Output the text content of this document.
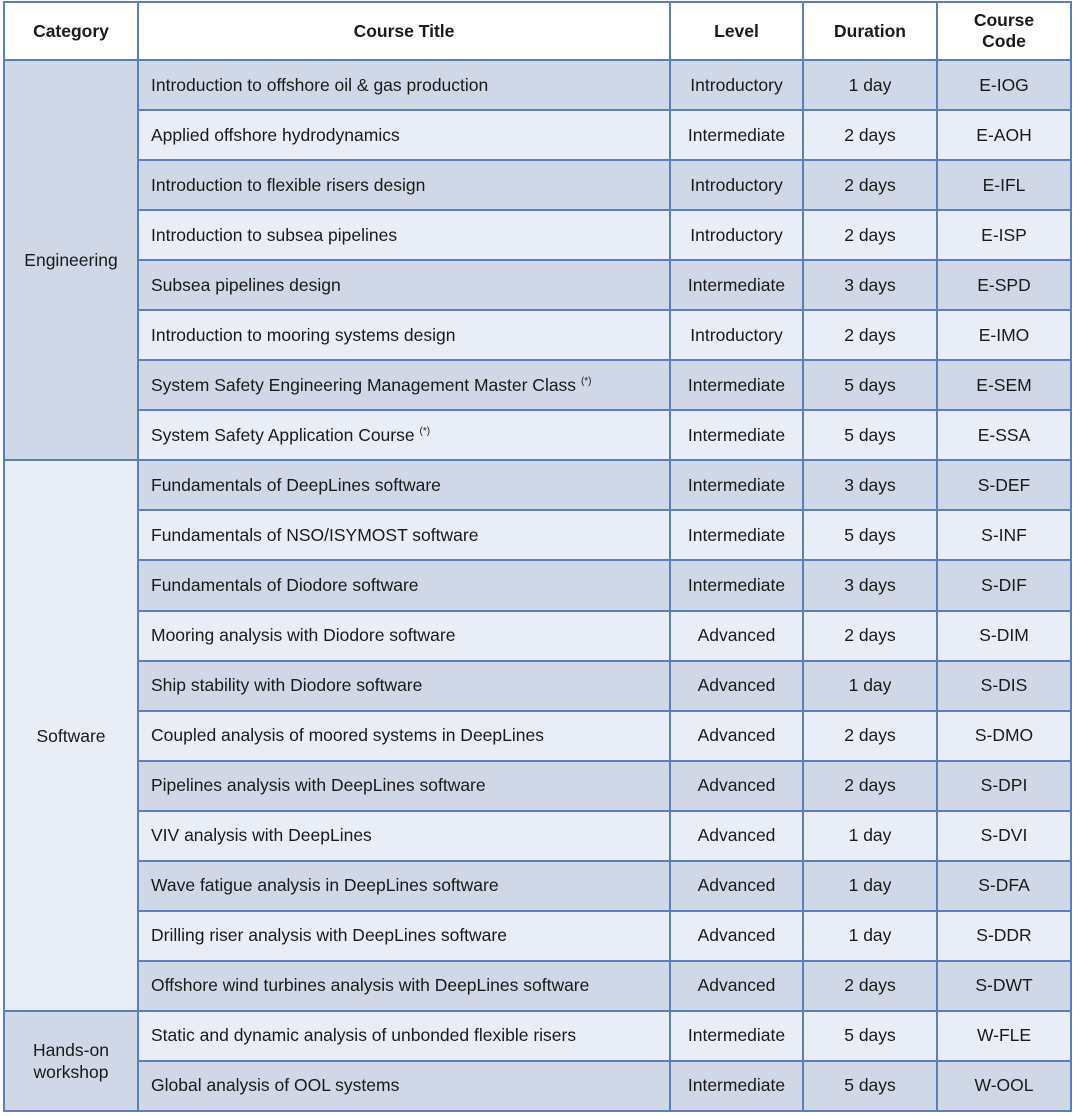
Category	Course Title	Level	Duration	Course Code
Engineering	Introduction to offshore oil & gas production	Introductory	1 day	E-IOG
	Applied offshore hydrodynamics	Intermediate	2 days	E-AOH
	Introduction to flexible risers design	Introductory	2 days	E-IFL
	Introduction to subsea pipelines	Introductory	2 days	E-ISP
	Subsea pipelines design	Intermediate	3 days	E-SPD
	Introduction to mooring systems design	Introductory	2 days	E-IMO
	System Safety Engineering Management Master Class (*)	Intermediate	5 days	E-SEM
	System Safety Application Course (*)	Intermediate	5 days	E-SSA
Software	Fundamentals of DeepLines software	Intermediate	3 days	S-DEF
	Fundamentals of NSO/ISYMOST software	Intermediate	5 days	S-INF
	Fundamentals of Diodore software	Intermediate	3 days	S-DIF
	Mooring analysis with Diodore software	Advanced	2 days	S-DIM
	Ship stability with Diodore software	Advanced	1 day	S-DIS
	Coupled analysis of moored systems in DeepLines	Advanced	2 days	S-DMO
	Pipelines analysis with DeepLines software	Advanced	2 days	S-DPI
	VIV analysis with DeepLines	Advanced	1 day	S-DVI
	Wave fatigue analysis in DeepLines software	Advanced	1 day	S-DFA
	Drilling riser analysis with DeepLines software	Advanced	1 day	S-DDR
	Offshore wind turbines analysis with DeepLines software	Advanced	2 days	S-DWT
Hands-on workshop	Static and dynamic analysis of unbonded flexible risers	Intermediate	5 days	W-FLE
	Global analysis of OOL systems	Intermediate	5 days	W-OOL
